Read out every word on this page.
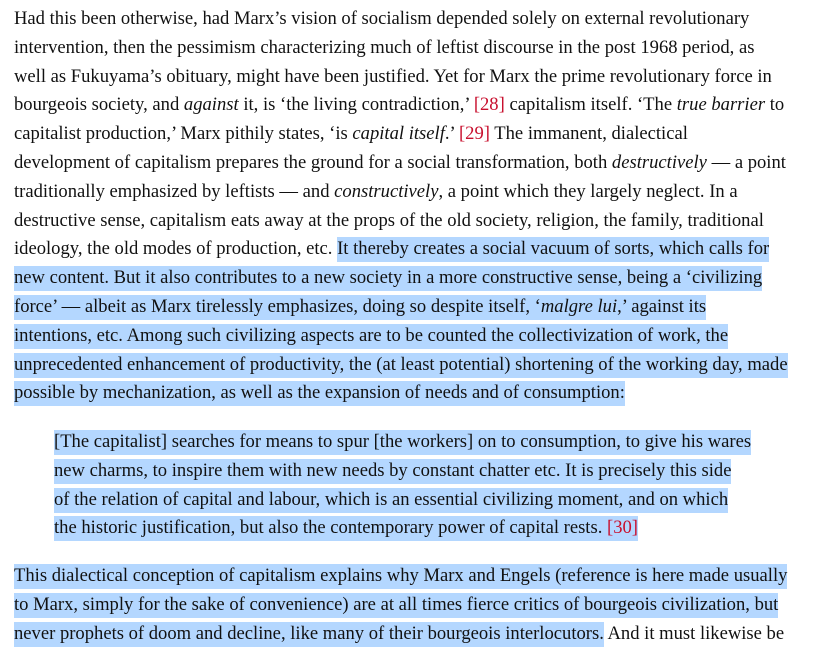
Had this been otherwise, had Marx’s vision of socialism depended solely on external revolutionary
intervention, then the pessimism characterizing much of leftist discourse in the post 1968 period, as
well as Fukuyama’s obituary, might have been justified. Yet for Marx the prime revolutionary force in
bourgeois society, and against it, is ‘the living contradiction,’ [28] capitalism itself. ‘The true barrier to
capitalist production,’ Marx pithily states, ‘is capital itself.’ [29] The immanent, dialectical
development of capitalism prepares the ground for a social transformation, both destructively — a point
traditionally emphasized by leftists — and constructively, a point which they largely neglect. In a
destructive sense, capitalism eats away at the props of the old society, religion, the family, traditional
ideology, the old modes of production, etc. It thereby creates a social vacuum of sorts, which calls for
new content. But it also contributes to a new society in a more constructive sense, being a ‘civilizing
force’ — albeit as Marx tirelessly emphasizes, doing so despite itself, ‘malgre lui,’ against its
intentions, etc. Among such civilizing aspects are to be counted the collectivization of work, the
unprecedented enhancement of productivity, the (at least potential) shortening of the working day, made
possible by mechanization, as well as the expansion of needs and of consumption:

[The capitalist] searches for means to spur [the workers] on to consumption, to give his wares
new charms, to inspire them with new needs by constant chatter etc. It is precisely this side
of the relation of capital and labour, which is an essential civilizing moment, and on which
the historic justification, but also the contemporary power of capital rests. [30]

This dialectical conception of capitalism explains why Marx and Engels (reference is here made usually
to Marx, simply for the sake of convenience) are at all times fierce critics of bourgeois civilization, but
never prophets of doom and decline, like many of their bourgeois interlocutors. And it must likewise be
